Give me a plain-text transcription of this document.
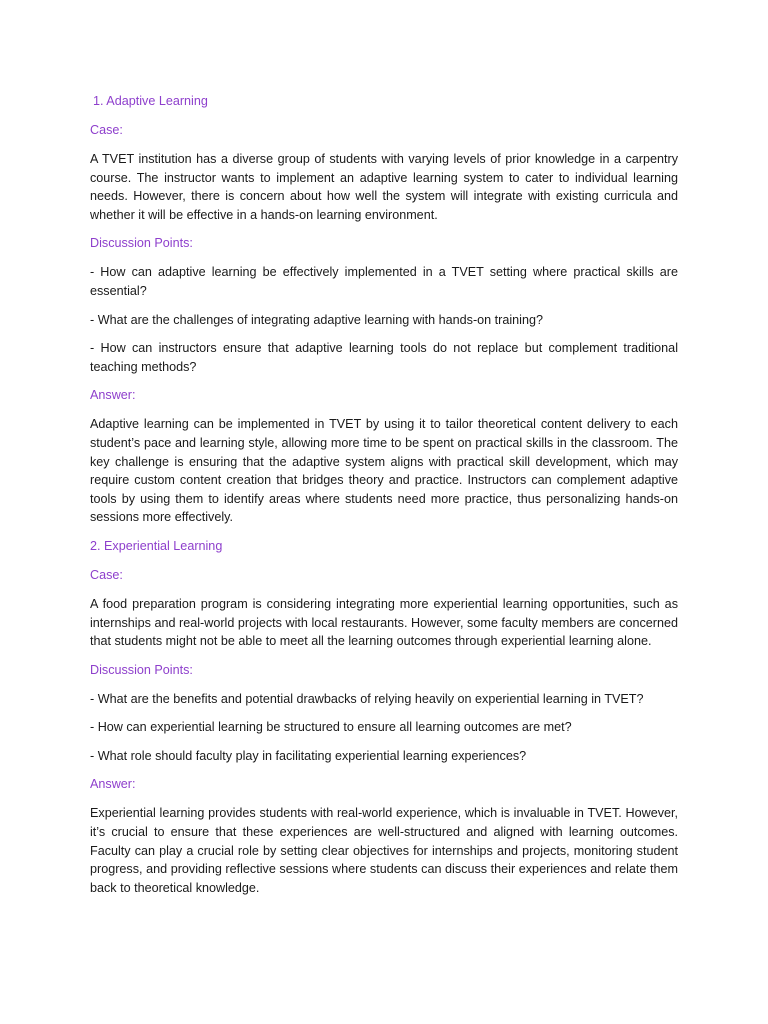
1. Adaptive Learning

Case:

A TVET institution has a diverse group of students with varying levels of prior knowledge in a carpentry course. The instructor wants to implement an adaptive learning system to cater to individual learning needs. However, there is concern about how well the system will integrate with existing curricula and whether it will be effective in a hands-on learning environment.

Discussion Points:

- How can adaptive learning be effectively implemented in a TVET setting where practical skills are essential?

- What are the challenges of integrating adaptive learning with hands-on training?

- How can instructors ensure that adaptive learning tools do not replace but complement traditional teaching methods?

Answer:

Adaptive learning can be implemented in TVET by using it to tailor theoretical content delivery to each student’s pace and learning style, allowing more time to be spent on practical skills in the classroom. The key challenge is ensuring that the adaptive system aligns with practical skill development, which may require custom content creation that bridges theory and practice. Instructors can complement adaptive tools by using them to identify areas where students need more practice, thus personalizing hands-on sessions more effectively.

2. Experiential Learning

Case:

A food preparation program is considering integrating more experiential learning opportunities, such as internships and real-world projects with local restaurants. However, some faculty members are concerned that students might not be able to meet all the learning outcomes through experiential learning alone.

Discussion Points:

- What are the benefits and potential drawbacks of relying heavily on experiential learning in TVET?

- How can experiential learning be structured to ensure all learning outcomes are met?

- What role should faculty play in facilitating experiential learning experiences?

Answer:

Experiential learning provides students with real-world experience, which is invaluable in TVET. However, it’s crucial to ensure that these experiences are well-structured and aligned with learning outcomes. Faculty can play a crucial role by setting clear objectives for internships and projects, monitoring student progress, and providing reflective sessions where students can discuss their experiences and relate them back to theoretical knowledge.
